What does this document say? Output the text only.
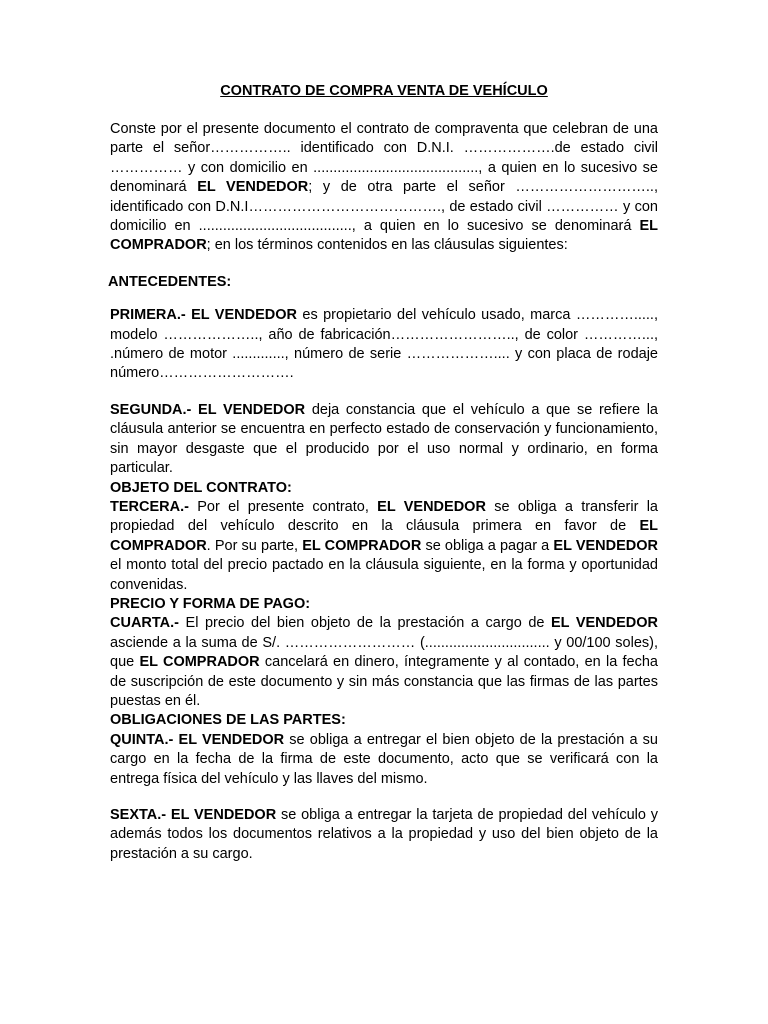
CONTRATO DE COMPRA VENTA DE VEHÍCULO

Conste por el presente documento el contrato de compraventa que celebran de una parte el señor…………….. identificado con D.N.I. ……………….de estado civil …………… y con domicilio en ........................................., a quien en lo sucesivo se denominará EL VENDEDOR; y de otra parte el señor ……………………….., identificado con D.N.I…………………………………., de estado civil …………… y con domicilio en ......................................, a quien en lo sucesivo se denominará EL COMPRADOR; en los términos contenidos en las cláusulas siguientes:

ANTECEDENTES:

PRIMERA.- EL VENDEDOR es propietario del vehículo usado, marca …………....., modelo ……………….., año de fabricación…………………….., de color …………..., .número de motor ............., número de serie ……………….... y con placa de rodaje número……………………….

SEGUNDA.- EL VENDEDOR deja constancia que el vehículo a que se refiere la cláusula anterior se encuentra en perfecto estado de conservación y funcionamiento, sin mayor desgaste que el producido por el uso normal y ordinario, en forma particular.

OBJETO DEL CONTRATO:

TERCERA.- Por el presente contrato, EL VENDEDOR se obliga a transferir la propiedad del vehículo descrito en la cláusula primera en favor de EL COMPRADOR. Por su parte, EL COMPRADOR se obliga a pagar a EL VENDEDOR el monto total del precio pactado en la cláusula siguiente, en la forma y oportunidad convenidas.

PRECIO Y FORMA DE PAGO:

CUARTA.- El precio del bien objeto de la prestación a cargo de EL VENDEDOR asciende a la suma de S/. ……………………… (............................... y 00/100 soles), que EL COMPRADOR cancelará en dinero, íntegramente y al contado, en la fecha de suscripción de este documento y sin más constancia que las firmas de las partes puestas en él.

OBLIGACIONES DE LAS PARTES:

QUINTA.- EL VENDEDOR se obliga a entregar el bien objeto de la prestación a su cargo en la fecha de la firma de este documento, acto que se verificará con la entrega física del vehículo y las llaves del mismo.

SEXTA.- EL VENDEDOR se obliga a entregar la tarjeta de propiedad del vehículo y además todos los documentos relativos a la propiedad y uso del bien objeto de la prestación a su cargo.
